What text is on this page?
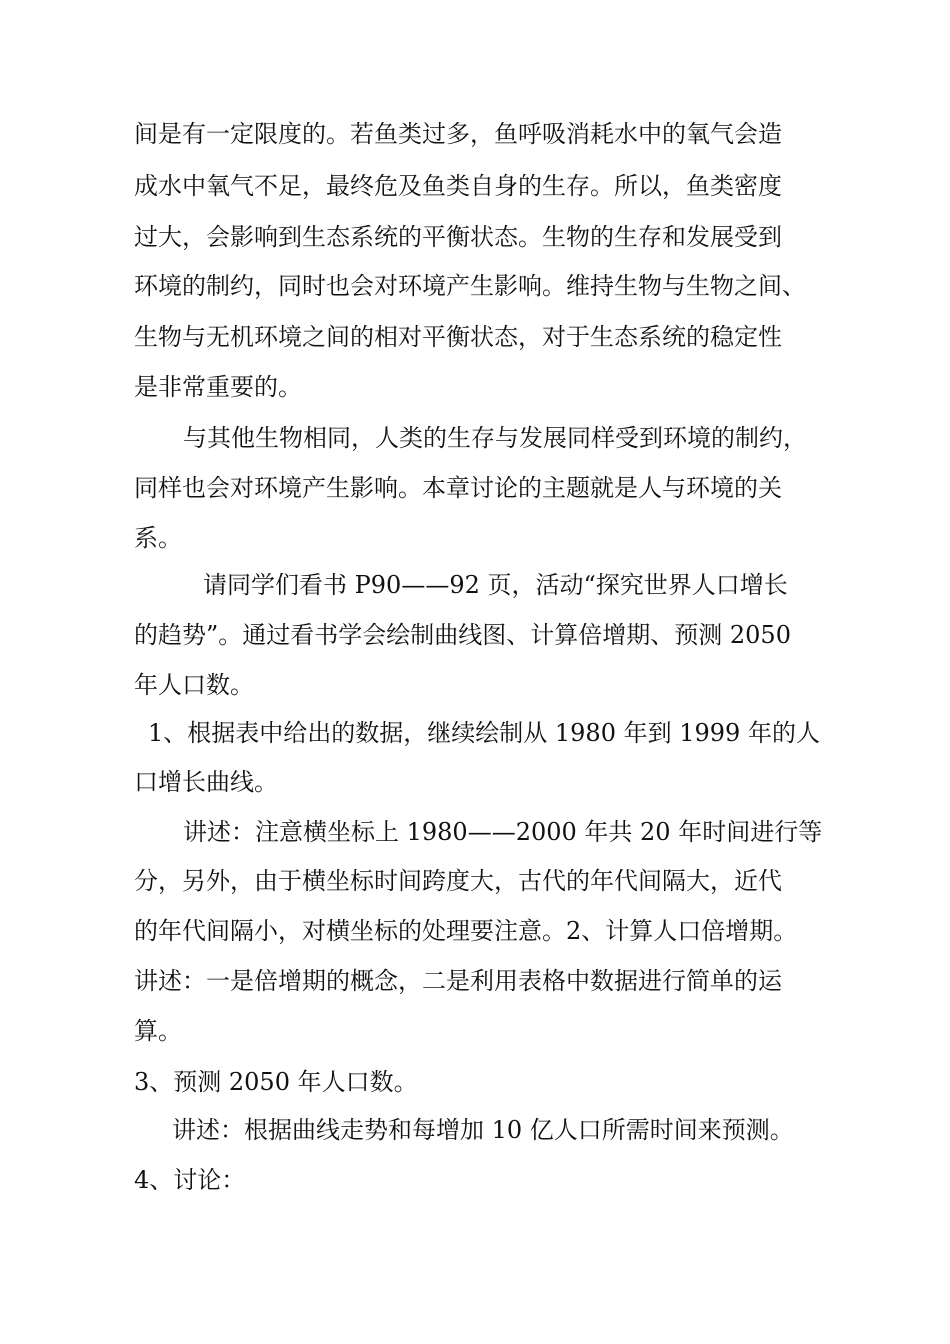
间是有一定限度的。若鱼类过多，鱼呼吸消耗水中的氧气会造
成水中氧气不足，最终危及鱼类自身的生存。所以，鱼类密度
过大，会影响到生态系统的平衡状态。生物的生存和发展受到
环境的制约，同时也会对环境产生影响。维持生物与生物之间、
生物与无机环境之间的相对平衡状态，对于生态系统的稳定性
是非常重要的。
与其他生物相同，人类的生存与发展同样受到环境的制约，
同样也会对环境产生影响。本章讨论的主题就是人与环境的关
系。
请同学们看书 P90——92 页，活动“探究世界人口增长
的趋势”。通过看书学会绘制曲线图、计算倍增期、预测 2050
年人口数。
1、根据表中给出的数据，继续绘制从 1980 年到 1999 年的人
口增长曲线。
讲述：注意横坐标上 1980——2000 年共 20 年时间进行等
分，另外，由于横坐标时间跨度大，古代的年代间隔大，近代
的年代间隔小，对横坐标的处理要注意。2、计算人口倍增期。
讲述：一是倍增期的概念，二是利用表格中数据进行简单的运
算。
3、预测 2050 年人口数。
讲述：根据曲线走势和每增加 10 亿人口所需时间来预测。
4、讨论：
